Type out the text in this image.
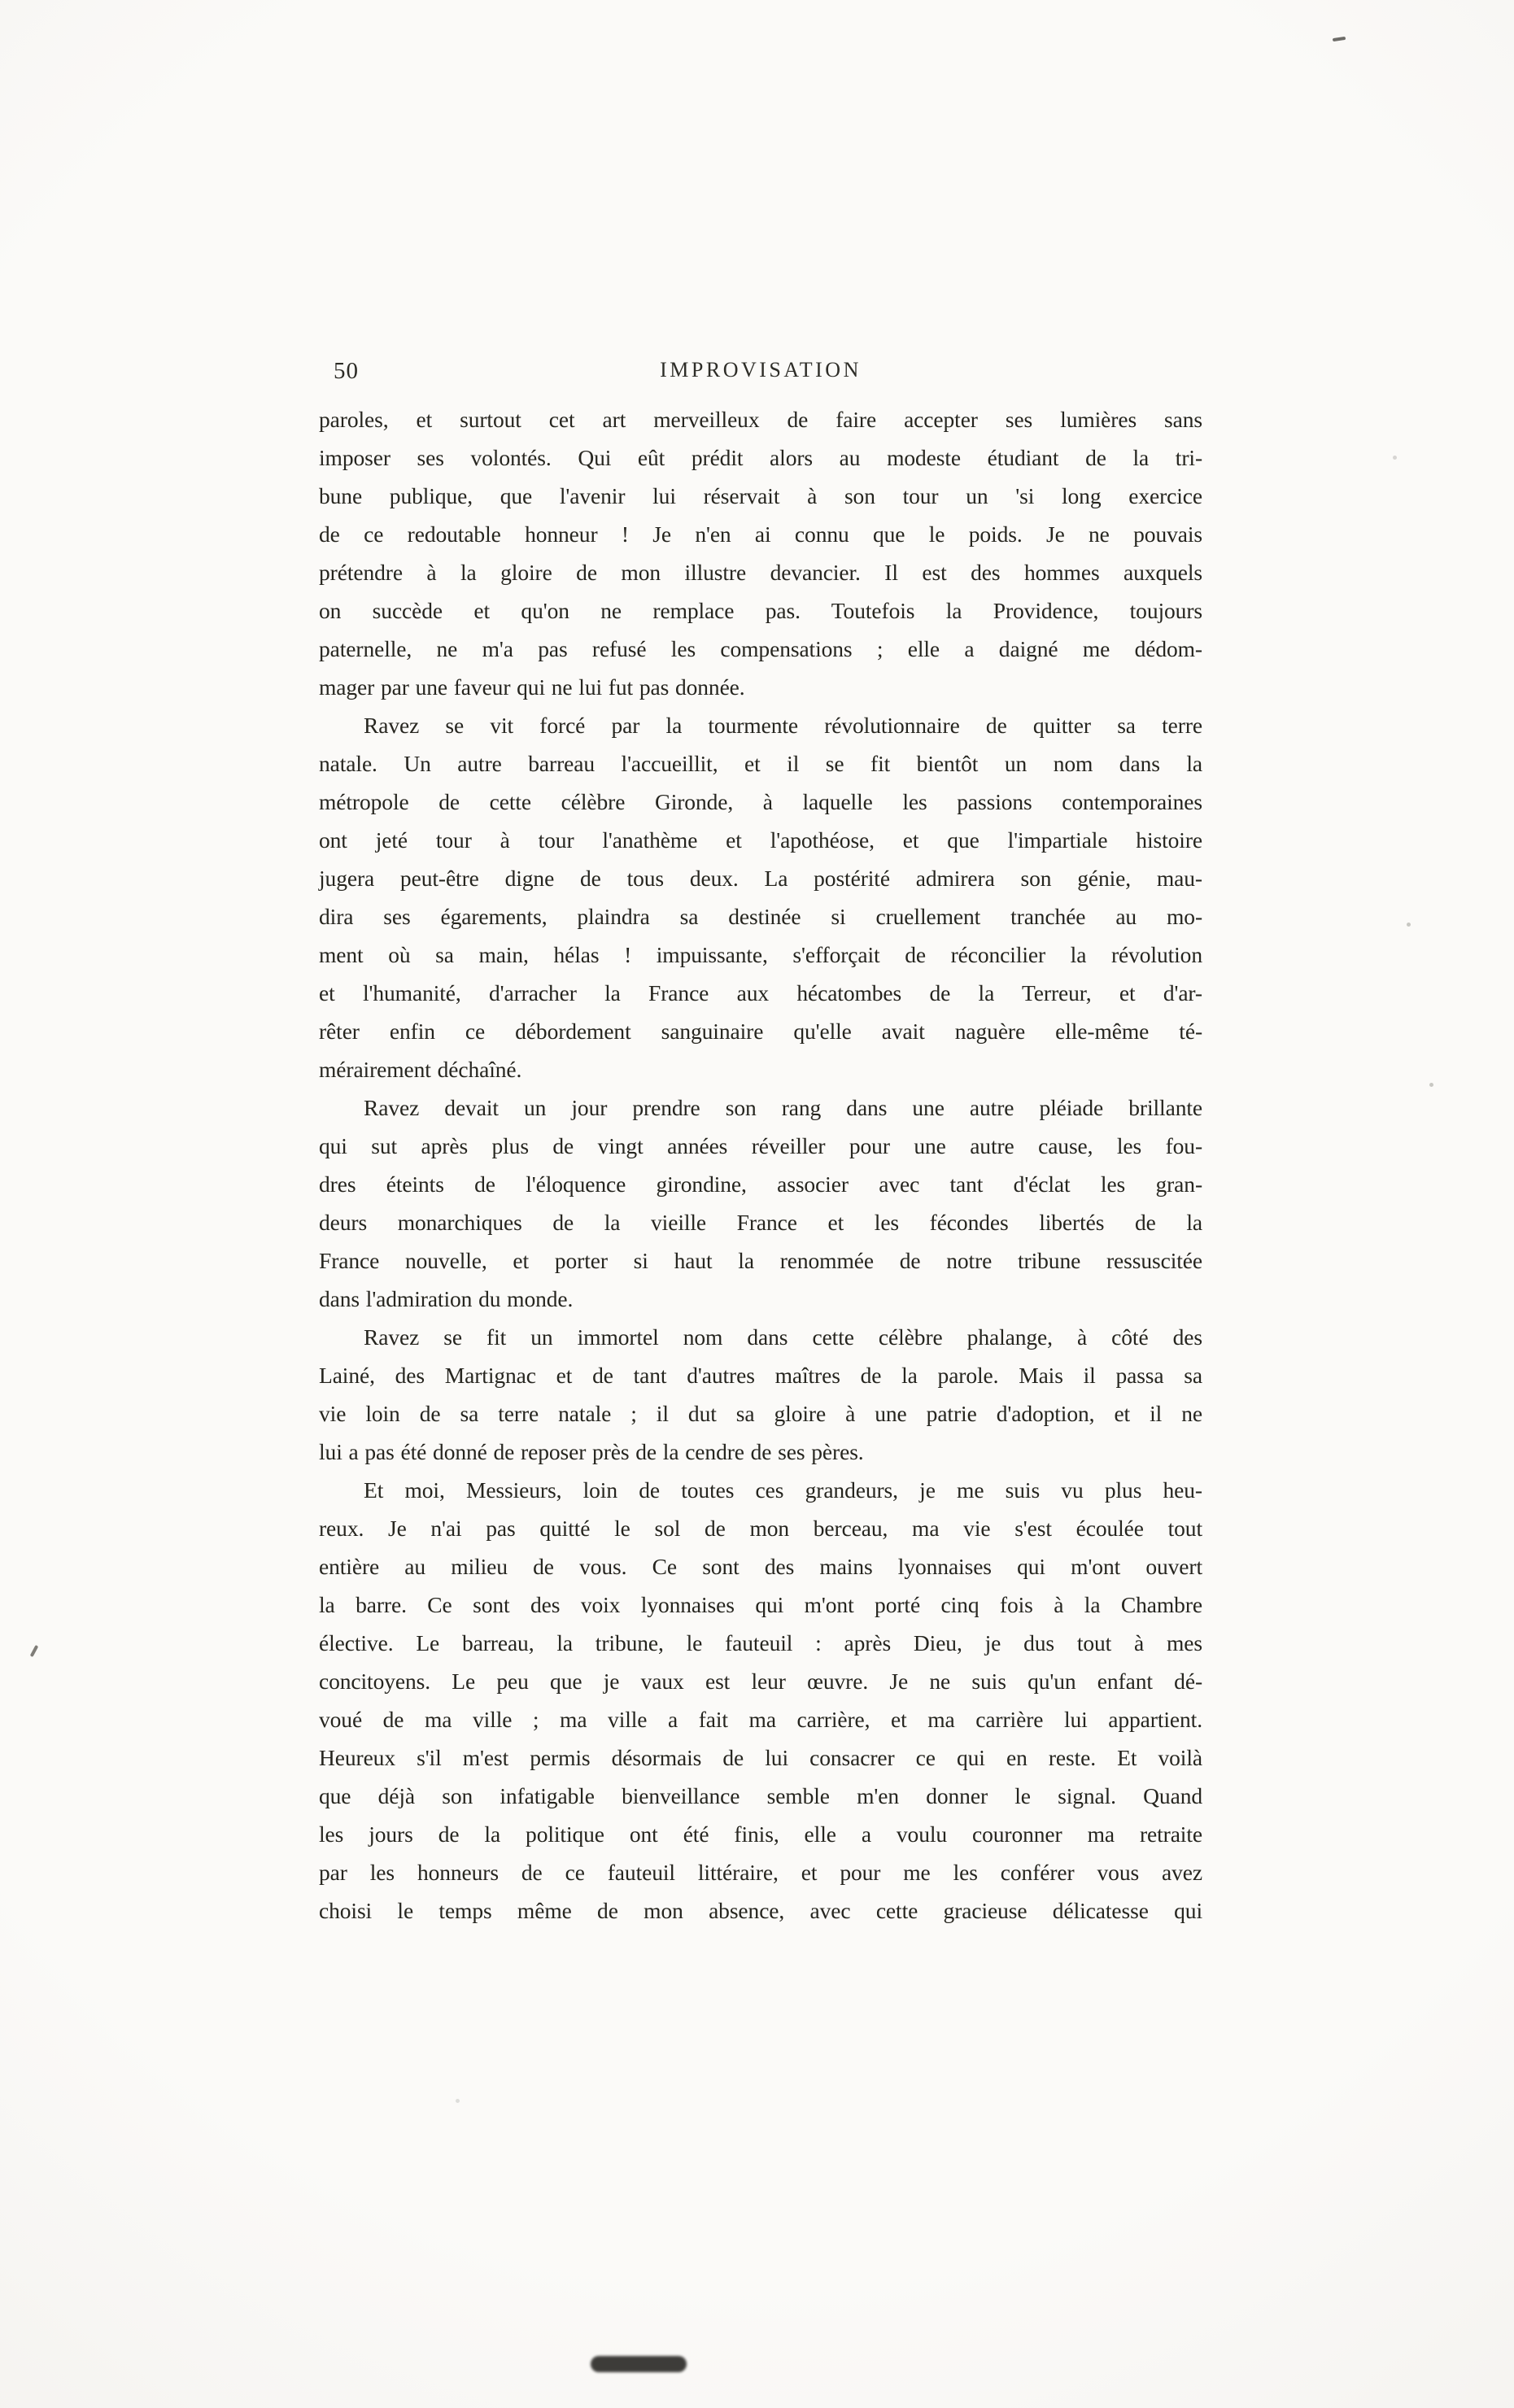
50	IMPROVISATION
paroles, et surtout cet art merveilleux de faire accepter ses lumières sans
imposer ses volontés. Qui eût prédit alors au modeste étudiant de la tri-
bune publique, que l'avenir lui réservait à son tour un 'si long exercice
de ce redoutable honneur ! Je n'en ai connu que le poids. Je ne pouvais
prétendre à la gloire de mon illustre devancier. Il est des hommes auxquels
on succède et qu'on ne remplace pas. Toutefois la Providence, toujours
paternelle, ne m'a pas refusé les compensations ; elle a daigné me dédom-
mager par une faveur qui ne lui fut pas donnée.
Ravez se vit forcé par la tourmente révolutionnaire de quitter sa terre
natale. Un autre barreau l'accueillit, et il se fit bientôt un nom dans la
métropole de cette célèbre Gironde, à laquelle les passions contemporaines
ont jeté tour à tour l'anathème et l'apothéose, et que l'impartiale histoire
jugera peut-être digne de tous deux. La postérité admirera son génie, mau-
dira ses égarements, plaindra sa destinée si cruellement tranchée au mo-
ment où sa main, hélas ! impuissante, s'efforçait de réconcilier la révolution
et l'humanité, d'arracher la France aux hécatombes de la Terreur, et d'ar-
rêter enfin ce débordement sanguinaire qu'elle avait naguère elle-même té-
mérairement déchaîné.
Ravez devait un jour prendre son rang dans une autre pléiade brillante
qui sut après plus de vingt années réveiller pour une autre cause, les fou-
dres éteints de l'éloquence girondine, associer avec tant d'éclat les gran-
deurs monarchiques de la vieille France et les fécondes libertés de la
France nouvelle, et porter si haut la renommée de notre tribune ressuscitée
dans l'admiration du monde.
Ravez se fit un immortel nom dans cette célèbre phalange, à côté des
Lainé, des Martignac et de tant d'autres maîtres de la parole. Mais il passa sa
vie loin de sa terre natale ; il dut sa gloire à une patrie d'adoption, et il ne
lui a pas été donné de reposer près de la cendre de ses pères.
Et moi, Messieurs, loin de toutes ces grandeurs, je me suis vu plus heu-
reux. Je n'ai pas quitté le sol de mon berceau, ma vie s'est écoulée tout
entière au milieu de vous. Ce sont des mains lyonnaises qui m'ont ouvert
la barre. Ce sont des voix lyonnaises qui m'ont porté cinq fois à la Chambre
élective. Le barreau, la tribune, le fauteuil : après Dieu, je dus tout à mes
concitoyens. Le peu que je vaux est leur œuvre. Je ne suis qu'un enfant dé-
voué de ma ville ; ma ville a fait ma carrière, et ma carrière lui appartient.
Heureux s'il m'est permis désormais de lui consacrer ce qui en reste. Et voilà
que déjà son infatigable bienveillance semble m'en donner le signal. Quand
les jours de la politique ont été finis, elle a voulu couronner ma retraite
par les honneurs de ce fauteuil littéraire, et pour me les conférer vous avez
choisi le temps même de mon absence, avec cette gracieuse délicatesse qui
